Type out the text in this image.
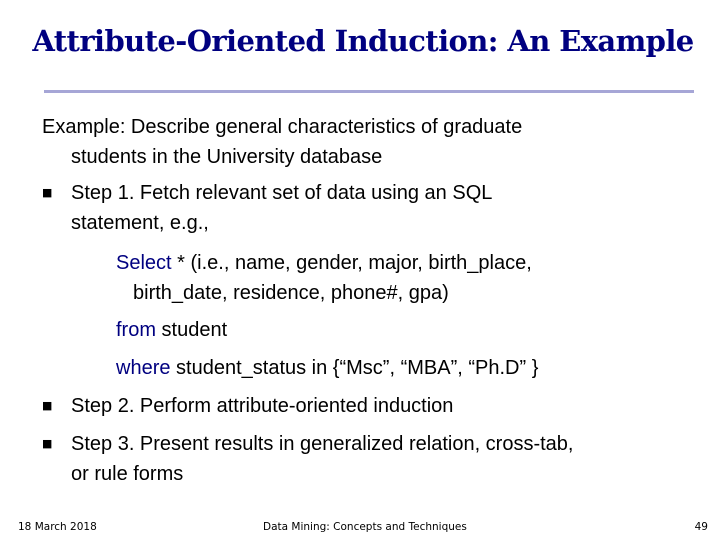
Attribute-Oriented Induction: An Example
Example: Describe general characteristics of graduate
students in the University database
■ Step 1. Fetch relevant set of data using an SQL
statement, e.g.,
Select * (i.e., name, gender, major, birth_place,
birth_date, residence, phone#, gpa)
from student
where student_status in {“Msc”, “MBA”, “Ph.D” }
■ Step 2. Perform attribute-oriented induction
■ Step 3. Present results in generalized relation, cross-tab,
or rule forms
18 March 2018	Data Mining: Concepts and Techniques	49
